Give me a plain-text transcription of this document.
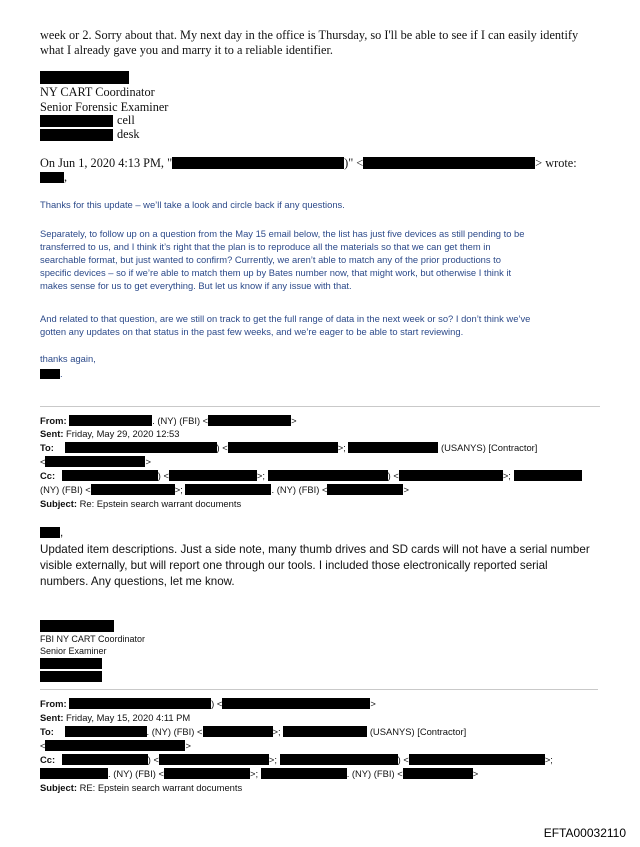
week or 2. Sorry about that. My next day in the office is Thursday, so I'll be able to see if I can easily identify
what I already gave you and marry it to a reliable identifier.
NY CART Coordinator
Senior Forensic Examiner
cell
desk
On Jun 1, 2020 4:13 PM, "	)" <	> wrote:
,
Thanks for this update – we’ll take a look and circle back if any questions.
Separately, to follow up on a question from the May 15 email below, the list has just five devices as still pending to be
transferred to us, and I think it’s right that the plan is to reproduce all the materials so that we can get them in
searchable format, but just wanted to confirm? Currently, we aren’t able to match any of the prior productions to
specific devices – so if we’re able to match them up by Bates number now, that might work, but otherwise I think it
makes sense for us to get everything. But let us know if any issue with that.
And related to that question, are we still on track to get the full range of data in the next week or so? I don’t think we’ve
gotten any updates on that status in the past few weeks, and we’re eager to be able to start reviewing.
thanks again,
.
From:	. (NY) (FBI) <	>
Sent: Friday, May 29, 2020 12:53
To:	) <	>;	(USANYS) [Contractor]
<	>
Cc:	) <	>;	) <	>;
(NY) (FBI) <	>;	. (NY) (FBI) <	>
Subject: Re: Epstein search warrant documents
,
Updated item descriptions. Just a side note, many thumb drives and SD cards will not have a serial number
visible externally, but will report one through our tools. I included those electronically reported serial
numbers. Any questions, let me know.
FBI NY CART Coordinator
Senior Examiner
From:	) <	>
Sent: Friday, May 15, 2020 4:11 PM
To:	. (NY) (FBI) <	>;	(USANYS) [Contractor]
<	>
Cc:	) <	>;	) <	>;
. (NY) (FBI) <	>;	. (NY) (FBI) <	>
Subject: RE: Epstein search warrant documents
EFTA00032110
